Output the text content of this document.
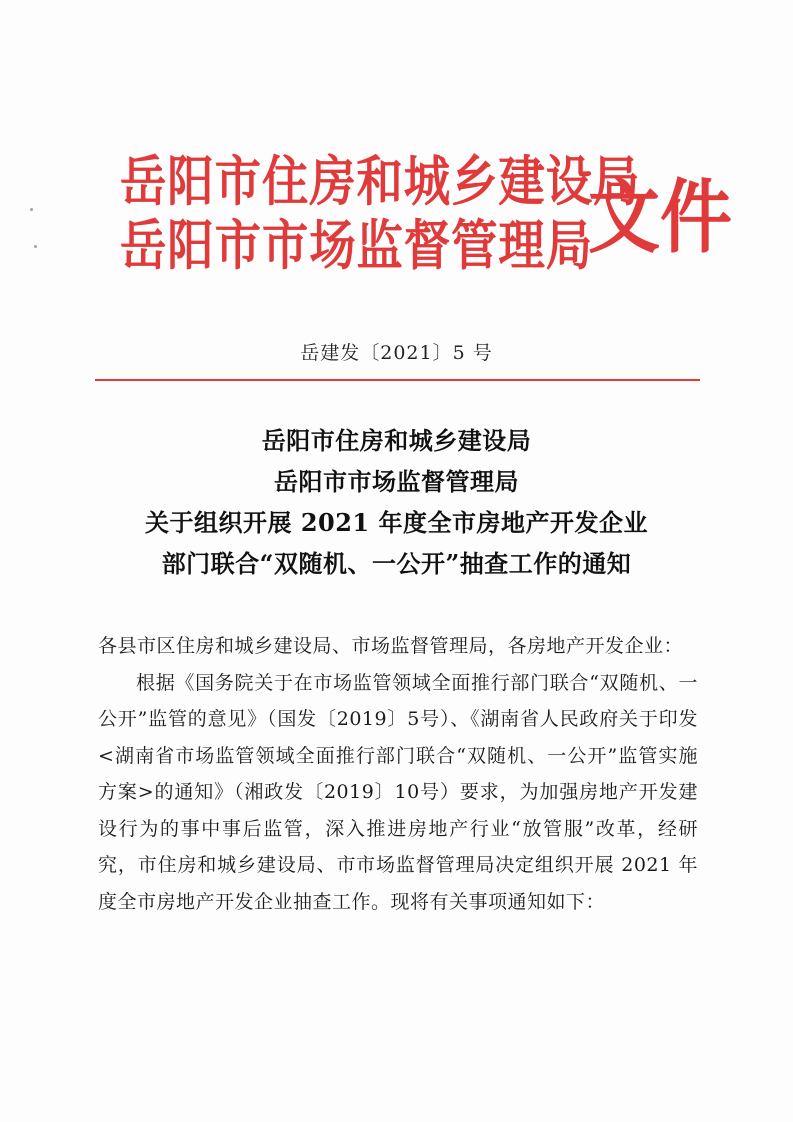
岳阳市住房和城乡建设局
岳阳市市场监督管理局
文件
岳建发〔2021〕5 号
岳阳市住房和城乡建设局
岳阳市市场监督管理局
关于组织开展 2021 年度全市房地产开发企业
部门联合“双随机、一公开”抽查工作的通知

各县市区住房和城乡建设局、市场监督管理局，各房地产开发企业：

根据《国务院关于在市场监管领域全面推行部门联合“双随机、一公开”监管的意见》（国发〔2019〕5号）、《湖南省人民政府关于印发<湖南省市场监管领域全面推行部门联合“双随机、一公开”监管实施方案>的通知》（湘政发〔2019〕10号）要求，为加强房地产开发建设行为的事中事后监管，深入推进房地产行业“放管服”改革，经研究，市住房和城乡建设局、市市场监督管理局决定组织开展 2021 年度全市房地产开发企业抽查工作。现将有关事项通知如下：
